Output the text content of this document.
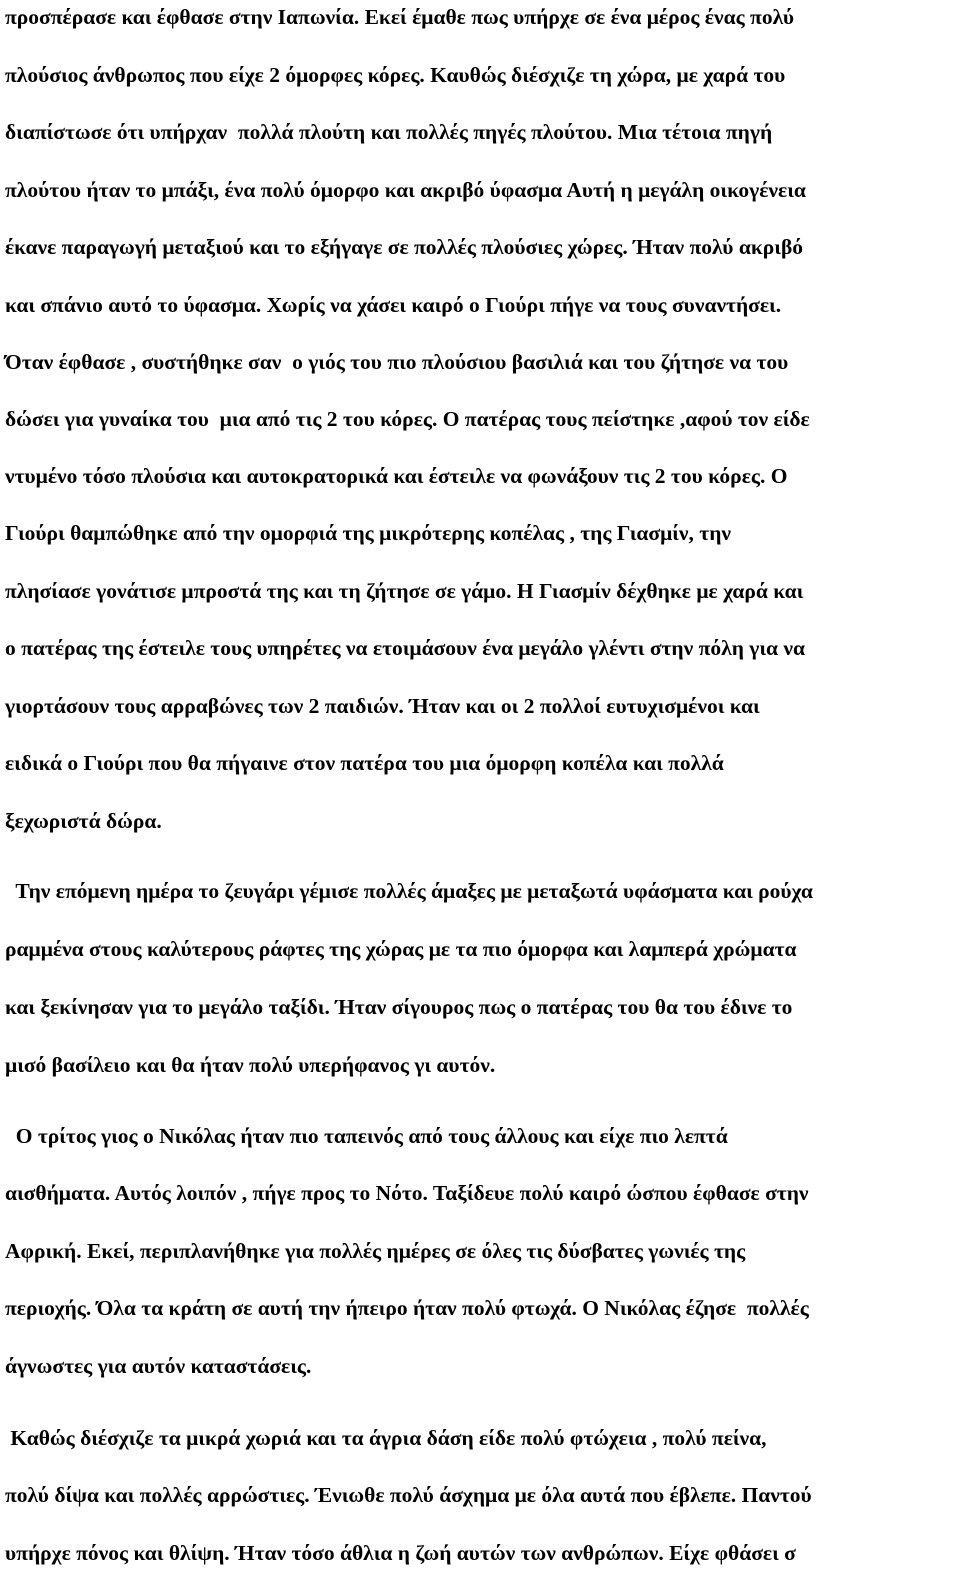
προσπέρασε και έφθασε στην Ιαπωνία. Εκεί έμαθε πως υπήρχε σε ένα μέρος ένας πολύ
πλούσιος άνθρωπος που είχε 2 όμορφες κόρες. Καυθώς διέσχιζε τη χώρα, με χαρά του
διαπίστωσε ότι υπήρχαν  πολλά πλούτη και πολλές πηγές πλούτου. Μια τέτοια πηγή
πλούτου ήταν το μπάξι, ένα πολύ όμορφο και ακριβό ύφασμα Αυτή η μεγάλη οικογένεια
έκανε παραγωγή μεταξιού και το εξήγαγε σε πολλές πλούσιες χώρες. Ήταν πολύ ακριβό
και σπάνιο αυτό το ύφασμα. Χωρίς να χάσει καιρό ο Γιούρι πήγε να τους συναντήσει.
Όταν έφθασε , συστήθηκε σαν  ο γιός του πιο πλούσιου βασιλιά και του ζήτησε να του
δώσει για γυναίκα του  μια από τις 2 του κόρες. Ο πατέρας τους πείστηκε ,αφού τον είδε
ντυμένο τόσο πλούσια και αυτοκρατορικά και έστειλε να φωνάξουν τις 2 του κόρες. Ο
Γιούρι θαμπώθηκε από την ομορφιά της μικρότερης κοπέλας , της Γιασμίν, την
πλησίασε γονάτισε μπροστά της και τη ζήτησε σε γάμο. Η Γιασμίν δέχθηκε με χαρά και
ο πατέρας της έστειλε τους υπηρέτες να ετοιμάσουν ένα μεγάλο γλέντι στην πόλη για να
γιορτάσουν τους αρραβώνες των 2 παιδιών. Ήταν και οι 2 πολλοί ευτυχισμένοι και
ειδικά ο Γιούρι που θα πήγαινε στον πατέρα του μια όμορφη κοπέλα και πολλά
ξεχωριστά δώρα.
Την επόμενη ημέρα το ζευγάρι γέμισε πολλές άμαξες με μεταξωτά υφάσματα και ρούχα
ραμμένα στους καλύτερους ράφτες της χώρας με τα πιο όμορφα και λαμπερά χρώματα
και ξεκίνησαν για το μεγάλο ταξίδι. Ήταν σίγουρος πως ο πατέρας του θα του έδινε το
μισό βασίλειο και θα ήταν πολύ υπερήφανος γι αυτόν.
Ο τρίτος γιος ο Νικόλας ήταν πιο ταπεινός από τους άλλους και είχε πιο λεπτά
αισθήματα. Αυτός λοιπόν , πήγε προς το Νότο. Ταξίδευε πολύ καιρό ώσπου έφθασε στην
Αφρική. Εκεί, περιπλανήθηκε για πολλές ημέρες σε όλες τις δύσβατες γωνιές της
περιοχής. Όλα τα κράτη σε αυτή την ήπειρο ήταν πολύ φτωχά. Ο Νικόλας έζησε  πολλές
άγνωστες για αυτόν καταστάσεις.
Καθώς διέσχιζε τα μικρά χωριά και τα άγρια δάση είδε πολύ φτώχεια , πολύ πείνα,
πολύ δίψα και πολλές αρρώστιες. Ένιωθε πολύ άσχημα με όλα αυτά που έβλεπε. Παντού
υπήρχε πόνος και θλίψη. Ήταν τόσο άθλια η ζωή αυτών των ανθρώπων. Είχε φθάσει σ
